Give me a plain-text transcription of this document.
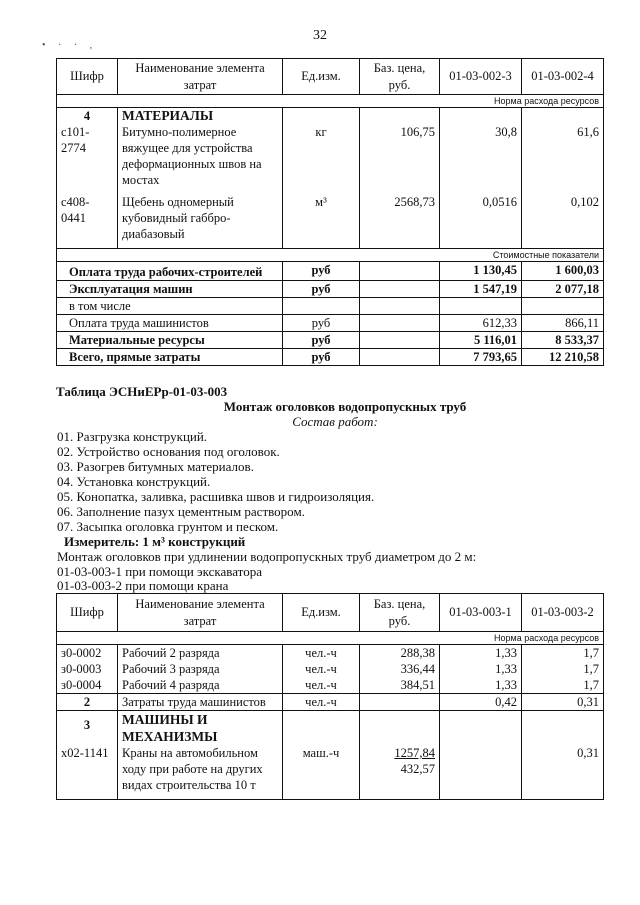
32
• · · ,
Шифр	Наименование элемента
затрат	Ед.изм.	Баз. цена,
руб.	01-03-002-3	01-03-002-4
Норма расхода ресурсов					
4	МАТЕРИАЛЫ				
с101-2774	Битумно-полимерное
вяжущее для устройства
деформационных швов на
мостах	кг	106,75	30,8	61,6
с408-0441	Щебень одномерный
кубовидный габбро-
диабазовый	м³	2568,73	0,0516	0,102
Стоимостные показатели					
Оплата труда рабочих-строителей		руб		1 130,45	1 600,03
Эксплуатация машин		руб		1 547,19	2 077,18
в том числе					
Оплата труда машинистов		руб		612,33	866,11
Материальные ресурсы		руб		5 116,01	8 533,37
Всего, прямые затраты		руб		7 793,65	12 210,58
Таблица ЭСНиЕРр-01-03-003
Монтаж оголовков водопропускных труб
Состав работ:
01. Разгрузка конструкций.
02. Устройство основания под оголовок.
03. Разогрев битумных материалов.
04. Установка конструкций.
05. Конопатка, заливка, расшивка швов и гидроизоляция.
06. Заполнение пазух цементным раствором.
07. Засыпка оголовка грунтом и песком.
Измеритель: 1 м³ конструкций
Монтаж оголовков при удлинении водопропускных труб диаметром до 2 м:
01-03-003-1 при помощи экскаватора
01-03-003-2 при помощи крана
Шифр	Наименование элемента
затрат	Ед.изм.	Баз. цена,
руб.	01-03-003-1	01-03-003-2
Норма расхода ресурсов					
з0-0002	Рабочий 2 разряда	чел.-ч	288,38	1,33	1,7
з0-0003	Рабочий 3 разряда	чел.-ч	336,44	1,33	1,7
з0-0004	Рабочий 4 разряда	чел.-ч	384,51	1,33	1,7
2	Затраты труда машинистов	чел.-ч		0,42	0,31
3	МАШИНЫ И
МЕХАНИЗМЫ				
х02-1141	Краны на автомобильном
ходу при работе на других
видах строительства 10 т	маш.-ч	1257,84
432,57		0,31
